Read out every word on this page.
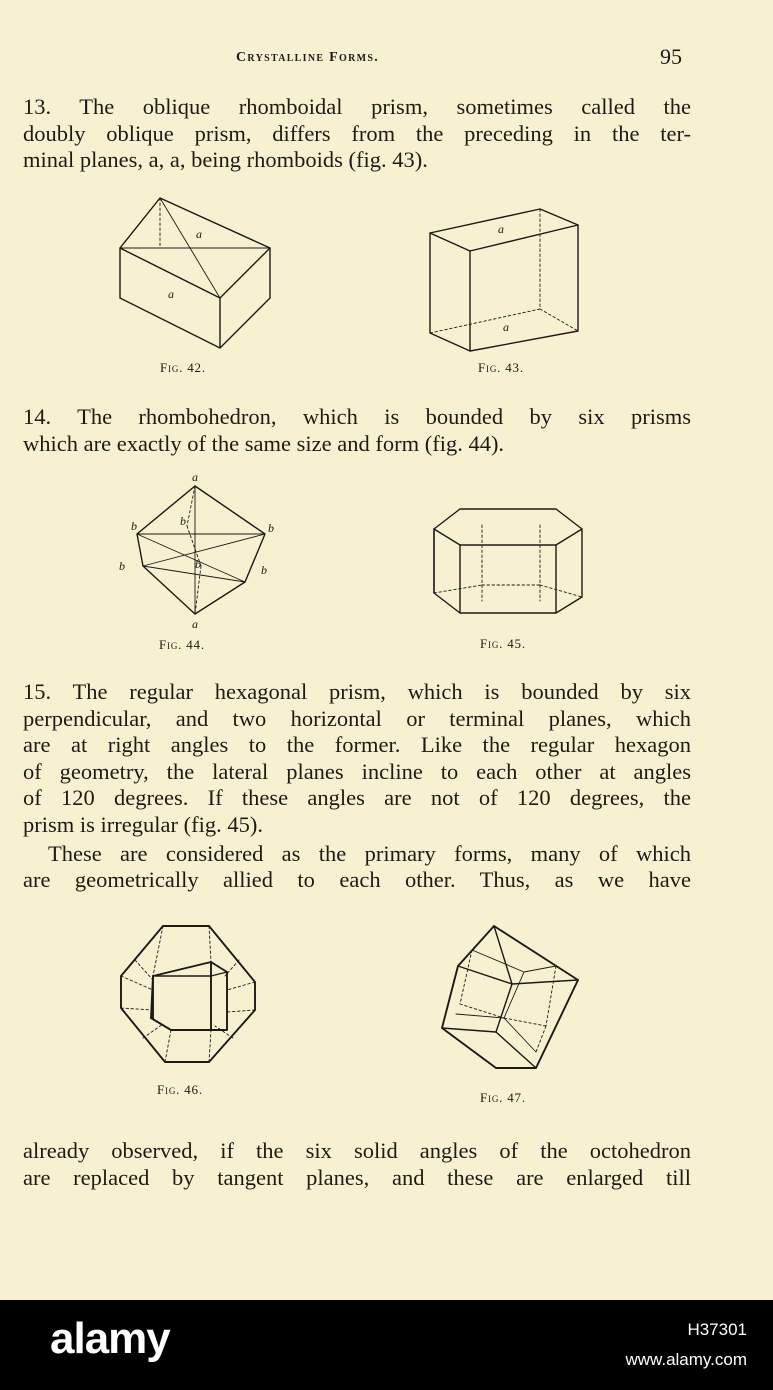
Crystalline Forms.	95
13. The oblique rhomboidal prism, sometimes called the
doubly oblique prism, differs from the preceding in the ter-
minal planes, a, a, being rhomboids (fig. 43).
a
a
Fig. 42.
a
a
Fig. 43.
14. The rhombohedron, which is bounded by six prisms
which are exactly of the same size and form (fig. 44).
a
a
b	b	b
b	b	b
Fig. 44.	Fig. 45.
15. The regular hexagonal prism, which is bounded by six
perpendicular, and two horizontal or terminal planes, which
are at right angles to the former. Like the regular hexagon
of geometry, the lateral planes incline to each other at angles
of 120 degrees. If these angles are not of 120 degrees, the
prism is irregular (fig. 45).
These are considered as the primary forms, many of which
are geometrically allied to each other. Thus, as we have
Fig. 46.
Fig. 47.
already observed, if the six solid angles of the octohedron
are replaced by tangent planes, and these are enlarged till
alamy	H37301
www.alamy.com
